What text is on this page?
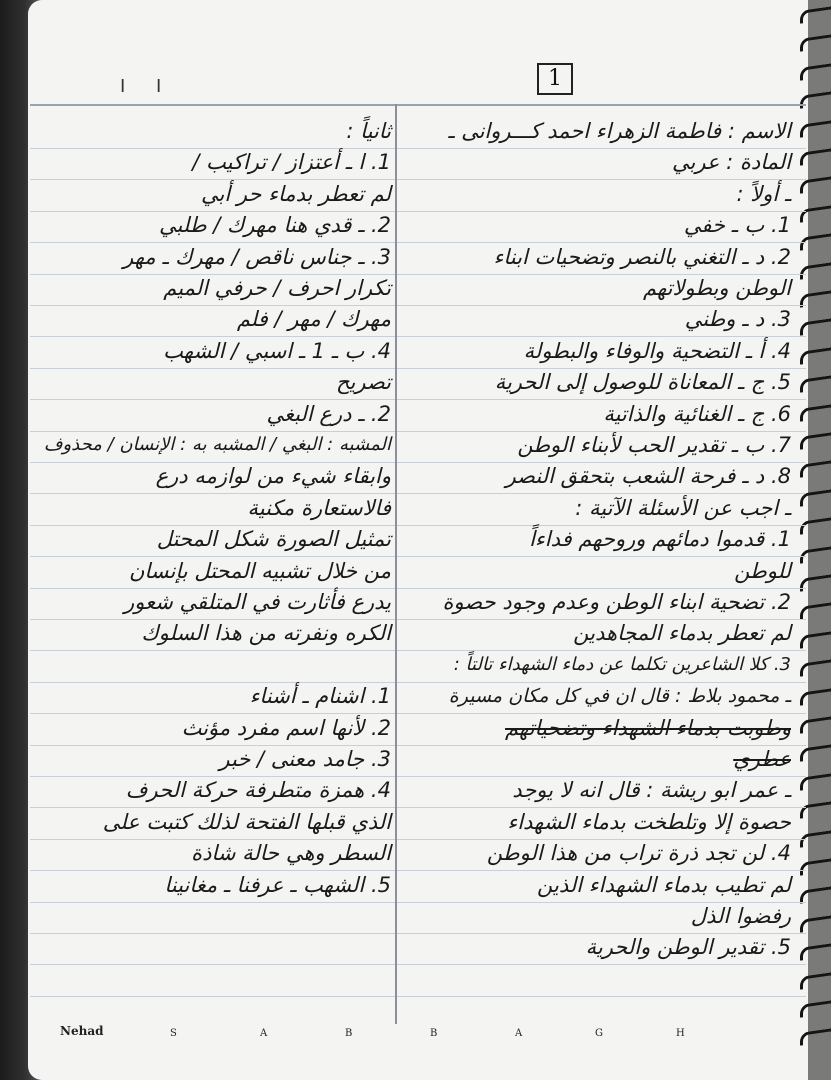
I I	1
الاسم : فاطمة الزهراء احمد كـــروانى ـ
المادة : عربي
ـ أولاً :
1. ب ـ خفي
2. د ـ التغني بالنصر وتضحيات ابناء
الوطن وبطولاتهم
3. د ـ وطني
4. أ ـ التضحية والوفاء والبطولة
5. ج ـ المعاناة للوصول إلى الحرية
6. ج ـ الغنائية والذاتية
7. ب ـ تقدير الحب لأبناء الوطن
8. د ـ فرحة الشعب بتحقق النصر
ـ اجب عن الأسئلة الآتية :
1. قدموا دمائهم وروحهم فداءاً
للوطن
2. تضحية ابناء الوطن وعدم وجود حصوة
لم تعطر بدماء المجاهدين
3. كلا الشاعرين تكلما عن دماء الشهداء تالتاً :
ـ محمود بلاط : قال ان في كل مكان مسيرة
وطوبت بدماء الشهداء وتضحياتهم
عطري
ـ عمر ابو ريشة : قال انه لا يوجد
حصوة إلا وتلطخت بدماء الشهداء
4. لن تجد ذرة تراب من هذا الوطن
لم تطيب بدماء الشهداء الذين
رفضوا الذل
5. تقدير الوطن والحرية
ثانياً :
1. ا ـ أعتزاز / تراكيب /
لم تعطر بدماء حر أبي
2. ـ قدي هنا مهرك / طلبي
3. ـ جناس ناقص / مهرك ـ مهر
تكرار احرف / حرفي الميم
مهرك / مهر / فلم
4. ب ـ 1 ـ اسبي / الشهب
تصريح
2. ـ درع البغي
المشبه : البغي / المشبه به : الإنسان / محذوف
وابقاء شيء من لوازمه درع
فالاستعارة مكنية
تمثيل الصورة شكل المحتل
من خلال تشبيه المحتل بإنسان
يدرع فأثارت في المتلقي شعور
الكره ونفرته من هذا السلوك
1. اشنام ـ أشناء
2. لأنها اسم مفرد مؤنث
3. جامد معنى / خبر
4. همزة متطرفة حركة الحرف
الذي قبلها الفتحة لذلك كتبت على
السطر وهي حالة شاذة
5. الشهب ـ عرفنا ـ مغانينا
Nehad	S	A	B	B	A	G	H
